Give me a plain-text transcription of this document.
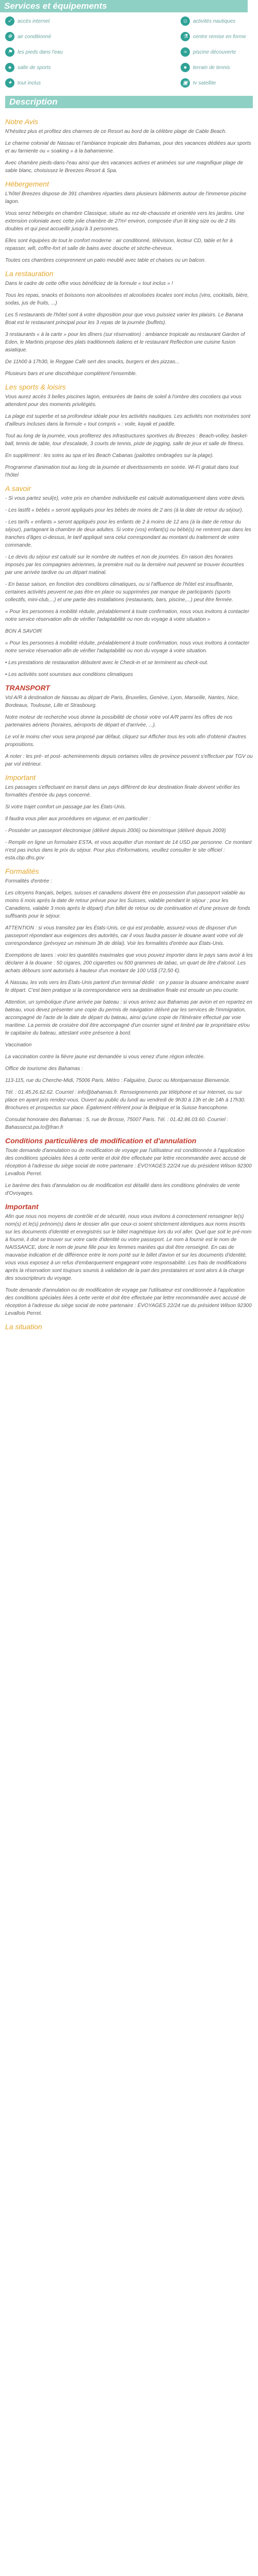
Services et équipements
✓	accès internet	☺ activités nautiques
❄	air conditionné	⚗	centre remise en forme
⚑	les pieds dans l'eau	≈	piscine découverte
♠	salle de sports	●	terrain de tennis
✦	tout inclus	▣ tv satellite
Description
Notre Avis

N'hésitez plus et profitez des charmes de ce Resort au bord de la célèbre plage de Cable Beach.

Le charme colonial de Nassau et l'ambiance tropicale des Bahamas, pour des vacances dédiées aux sports et au farniente ou « soaking » à la bahamienne.

Avec chambre pieds-dans-l'eau ainsi que des vacances actives et animées sur une magnifique plage de sable blanc, choisissez le Breezes Resort & Spa.

Hébergement

L'hôtel Breezes dispose de 391 chambres réparties dans plusieurs bâtiments autour de l'immense piscine lagon.

Vous serez hébergés en chambre Classique, située au rez-de-chaussée et orientée vers les jardins. Une extension coloniale avec cette jolie chambre de 27m² environ, composée d'un lit king size ou de 2 lits doubles et qui peut accueillir jusqu'à 3 personnes.

Elles sont équipées de tout le confort moderne : air conditionné, télévision, lecteur CD, table et fer à repasser, wifi, coffre-fort et salle de bains avec douche et sèche-cheveux.

Toutes ces chambres comprennent un patio meublé avec table et chaises ou un balcon.

La restauration

Dans le cadre de cette offre vous bénéficiez de la formule « tout inclus » !

Tous les repas, snacks et boissons non alcoolisées et alcoolisées locales sont inclus (vins, cocktails, bière, sodas, jus de fruits, ...)

Les 5 restaurants de l'hôtel sont à votre disposition pour que vous puissiez varier les plaisirs. Le Banana Boat est le restaurant principal pour les 3 repas de la journée (buffets).

3 restaurants « à la carte » pour les dîners (sur réservation) : ambiance tropicale au restaurant Garden of Eden, le Martinis propose des plats traditionnels italiens et le restaurant Reflection une cuisine fusion asiatique.

De 11h00 à 17h30, le Reggae Café sert des snacks, burgers et des pizzas...

Plusieurs bars et une discothèque complètent l'ensemble.

Les sports & loisirs

Vous aurez accès 3 belles piscines lagon, entourées de bains de soleil à l'ombre des cocotiers qui vous attendent pour des moments privilégiés.

La plage est superbe et sa profondeur idéale pour les activités nautiques. Les activités non motorisées sont d'ailleurs incluses dans la formule « tout compris » : voile, kayak et paddle.

Tout au long de la journée, vous profiterez des infrastructures sportives du Breezes : Beach-volley, basket-ball, tennis de table, tour d'escalade, 3 courts de tennis, piste de jogging, salle de jeux et salle de fitness.

En supplément : les soins au spa et les Beach Cabanas (pailottes ombragées sur la plage).

Programme d'animation tout au long de la journée et divertissements en soirée. Wi-Fi gratuit dans tout l'hôtel

A savoir

- Si vous partez seul(e), votre prix en chambre individuelle est calculé automatiquement dans votre devis.

- Les lastfit « bébés » seront appliqués pour les bébés de moins de 2 ans (à la date de retour du séjour).

- Les tarifs « enfants » seront appliqués pour les enfants de 2 à moins de 12 ans (à la date de retour du séjour), partageant la chambre de deux adultes. Si votre (vos) enfant(s) ou bébé(s) ne rentrent pas dans les tranches d'âges ci-dessus, le tarif appliqué sera celui correspondant au montant du traitement de votre commande.

- Le devis du séjour est calculé sur le nombre de nuitées et non de journées. En raison des horaires imposés par les compagnies aériennes, la première nuit ou la dernière nuit peuvent se trouver écourtées par une arrivée tardive ou un départ matinal.

- En basse saison, en fonction des conditions climatiques, ou si l'affluence de l'hôtel est insuffisante, certaines activités peuvent ne pas être en place ou supprimées par manque de participants (sports collectifs, mini-club,...) et une partie des installations (restaurants, bars, piscine,...) peut être fermée.

« Pour les personnes à mobilité réduite, préalablement à toute confirmation, nous vous invitons à contacter notre service réservation afin de vérifier l'adaptabilité ou non du voyage à votre situation »

BON À SAVOIR

« Pour les personnes à mobilité réduite, préalablement à toute confirmation, nous vous invitons à contacter notre service réservation afin de vérifier l'adaptabilité ou non du voyage à votre situation.

• Les prestations de restauration débutent avec le Check-in et se terminent au check-out.

• Les activités sont soumises aux conditions climatiques

TRANSPORT

Vol A/R à destination de Nassau au départ de Paris, Bruxelles, Genève, Lyon, Marseille, Nantes, Nice, Bordeaux, Toulouse, Lille et Strasbourg.

Notre moteur de recherche vous donne la possibilité de choisir votre vol A/R parmi les offres de nos partenaires aériens (horaires, aéroports de départ et d'arrivée, ...).

Le vol le moins cher vous sera proposé par défaut, cliquez sur Afficher tous les vols afin d'obtenir d'autres propositions.

A noter : les pré- et post- acheminements depuis certaines villes de province peuvent s'effectuer par TGV ou par vol intérieur.

Important

Les passages s'effectuant en transit dans un pays différent de leur destination finale doivent vérifier les formalités d'entrée du pays concerné.

Si votre trajet comfort un passage par les États-Unis.

Il faudra vous plier aux procédures en vigueur, et en particulier :

- Posséder un passeport électronique (délivré depuis 2006) ou biométrique (délivré depuis 2009)

- Remplir en ligne un formulaire ESTA, et vous acquitter d'un montant de 14 USD par personne. Ce montant n'est pas inclus dans le prix du séjour. Pour plus d'informations, veuillez consulter le site officiel : esta.cbp.dhs.gov

Formalités

Formalités d'entrée :

Les citoyens français, belges, suisses et canadiens doivent être en possession d'un passeport valable au moins 6 mois après la date de retour prévue pour les Suisses, valable pendant le séjour ; pour les Canadiens, valable 3 mois après le départ) d'un billet de retour ou de continuation et d'une preuve de fonds suffisants pour le séjour.

ATTENTION : si vous transitez par les États-Unis, ce qui est probable, assurez-vous de disposer d'un passeport répondant aux exigences des autorités, car il vous faudra passer le douane avant votre vol de correspondance (prévoyez un minimum 3h de délai). Voir les formalités d'entrée aux États-Unis.

Exemptions de taxes : voici les quantités maximales que vous pouvez importer dans le pays sans avoir à les déclarer à la douane : 50 cigares, 200 cigarettes ou 500 grammes de tabac, un quart de litre d'alcool. Les achats débours sont autorisés à hauteur d'un montant de 100 US$ (72,50 €).

À Nassau, les vols vers les États-Unis partent d'un terminal dédié : on y passe la douane américaine avant le départ. C'est bien pratique si la correspondance vers sa destination finale est ensuite un peu courte.

Attention, un symbolique d'une arrivée par bateau : si vous arrivez aux Bahamas par avion et en repartez en bateau, vous devez présenter une copie du permis de navigation délivré par les services de l'immigration, accompagné de l'acte de la date de départ du bateau, ainsi qu'une copie de l'itinéraire effectué par voie maritime. La permis de croisière doit être accompagné d'un courrier signé et timbré par le propriétaire et/ou le capitaine du bateau, attestant votre présence à bord.

Vaccination

La vaccination contre la fièvre jaune est demandée si vous venez d'une région infectée.

Office de tourisme des Bahamas :

113-115, rue du Cherche-Midi, 75006 Paris. Métro : Falguière, Duroc ou Montparnasse Bienvenüe.

Tél. : 01.45.26.62.62. Courriel : info@bahamas.fr. Renseignements par téléphone et sur Internet, ou sur place en ayant pris rendez-vous. Ouvert au public du lundi au vendredi de 9h30 à 13h et de 14h à 17h30. Brochures et prospectus sur place. Également référent pour la Belgique et la Suisse francophone.

Consulat honoraire des Bahamas : 5, rue de Brosse, 75007 Paris. Tél. : 01.42.86.03.60. Courriel : Bahassecst.pa.to@fran.fr

Conditions particulières de modification et d'annulation

Toute demande d'annulation ou de modification de voyage par l'utilisateur est conditionnée à l'application des conditions spéciales liées à cette vente et doit être effectuée par lettre recommandée avec accusé de réception à l'adresse du siège social de notre partenaire : ÉVOYAGES 22/24 rue du président Wilson 92300 Levallois Perret.

Le barème des frais d'annulation ou de modification est détaillé dans les conditions générales de vente d'Ovoyages.

Important

Afin que nous nos moyens de contrôle et de sécurité, nous vous invitons à correctement renseigner le(s) nom(s) et le(s) prénom(s) dans le dossier afin que ceux-ci soient strictement identiques aux noms inscrits sur les documents d'identité et enregistrés sur le billet magnétique lors du vol aller. Quel que soit le pré-nom à fournir, il doit se trouver sur votre carte d'identité ou votre passeport. Le nom à fournir est le nom de NAISSANCE, donc le nom de jeune fille pour les femmes mariées qui doit être renseigné. En cas de mauvaise indication et de différence entre le nom porté sur le billet d'avion et sur les documents d'identité, vous vous exposez à un refus d'embarquement engageant votre responsabilité. Les frais de modifications après la réservation sont toujours soumis à validation de la part des prestataires et sont alors à la charge des souscripteurs du voyage.

Toute demande d'annulation ou de modification de voyage par l'utilisateur est conditionnée à l'application des conditions spéciales liées à cette vente et doit être effectuée par lettre recommandée avec accusé de réception à l'adresse du siège social de notre partenaire : ÉVOYAGES 22/24 rue du président Wilson 92300 Levallois Perret.

La situation
